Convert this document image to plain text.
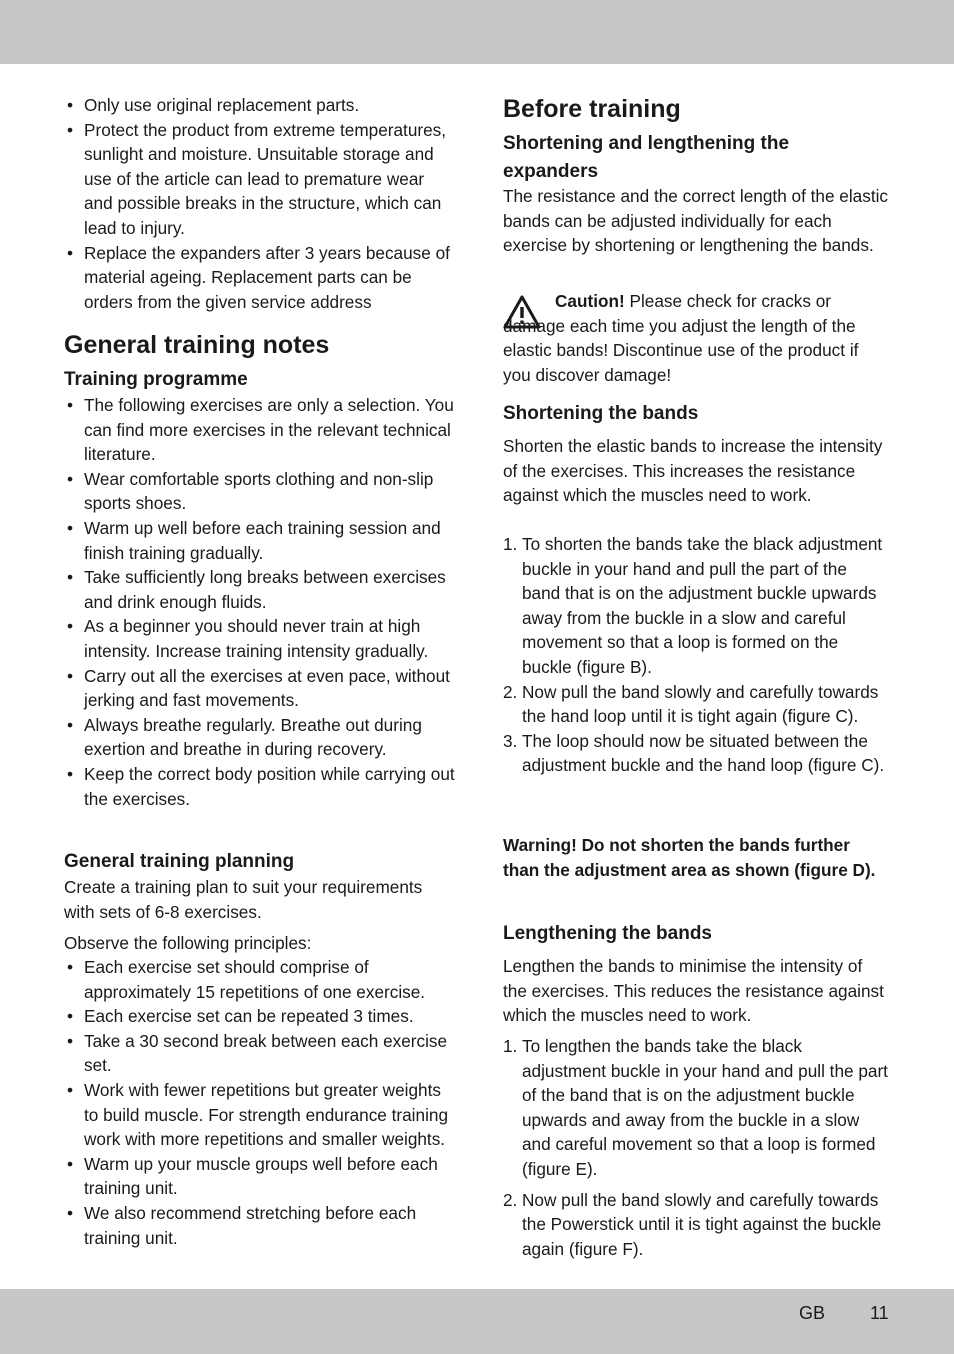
• Only use original replacement parts.
• Protect the product from extreme temperatures, sunlight and moisture. Unsuitable storage and use of the article can lead to premature wear and possible breaks in the structure, which can lead to injury.
• Replace the expanders after 3 years because of material ageing. Replacement parts can be orders from the given service address
General training notes
Training programme
• The following exercises are only a selection. You can find more exercises in the relevant technical literature.
• Wear comfortable sports clothing and non-slip sports shoes.
• Warm up well before each training session and finish training gradually.
• Take sufficiently long breaks between exercises and drink enough fluids.
• As a beginner you should never train at high intensity. Increase training intensity gradually.
• Carry out all the exercises at even pace, without jerking and fast movements.
• Always breathe regularly. Breathe out during exertion and breathe in during recovery.
• Keep the correct body position while carrying out the exercises.
General training planning

Create a training plan to suit your requirements with sets of 6-8 exercises.

Observe the following principles:

• Each exercise set should comprise of approximately 15 repetitions of one exercise.
• Each exercise set can be repeated 3 times.
• Take a 30 second break between each exercise set.
• Work with fewer repetitions but greater weights to build muscle. For strength endurance training work with more repetitions and smaller weights.
• Warm up your muscle groups well before each training unit.
• We also recommend stretching before each training unit.
Before training
Shortening and lengthening the expanders

The resistance and the correct length of the elastic bands can be adjusted individually for each exercise by shortening or lengthening the bands.

Caution! Please check for cracks or damage each time you adjust the length of the elastic bands! Discontinue use of the product if you discover damage!

Shortening the bands

Shorten the elastic bands to increase the intensity of the exercises. This increases the resistance against which the muscles need to work.

1. To shorten the bands take the black adjustment buckle in your hand and pull the part of the band that is on the adjustment buckle upwards away from the buckle in a slow and careful movement so that a loop is formed on the buckle (figure B).
2. Now pull the band slowly and carefully towards the hand loop until it is tight again (figure C).
3. The loop should now be situated between the adjustment buckle and the hand loop (figure C).

Warning! Do not shorten the bands further than the adjustment area as shown (figure D).

Lengthening the bands

Lengthen the bands to minimise the intensity of the exercises. This reduces the resistance against which the muscles need to work.

1. To lengthen the bands take the black adjustment buckle in your hand and pull the part of the band that is on the adjustment buckle upwards and away from the buckle in a slow and careful movement so that a loop is formed (figure E).
2. Now pull the band slowly and carefully towards the Powerstick until it is tight against the buckle again (figure F).
GB 11
